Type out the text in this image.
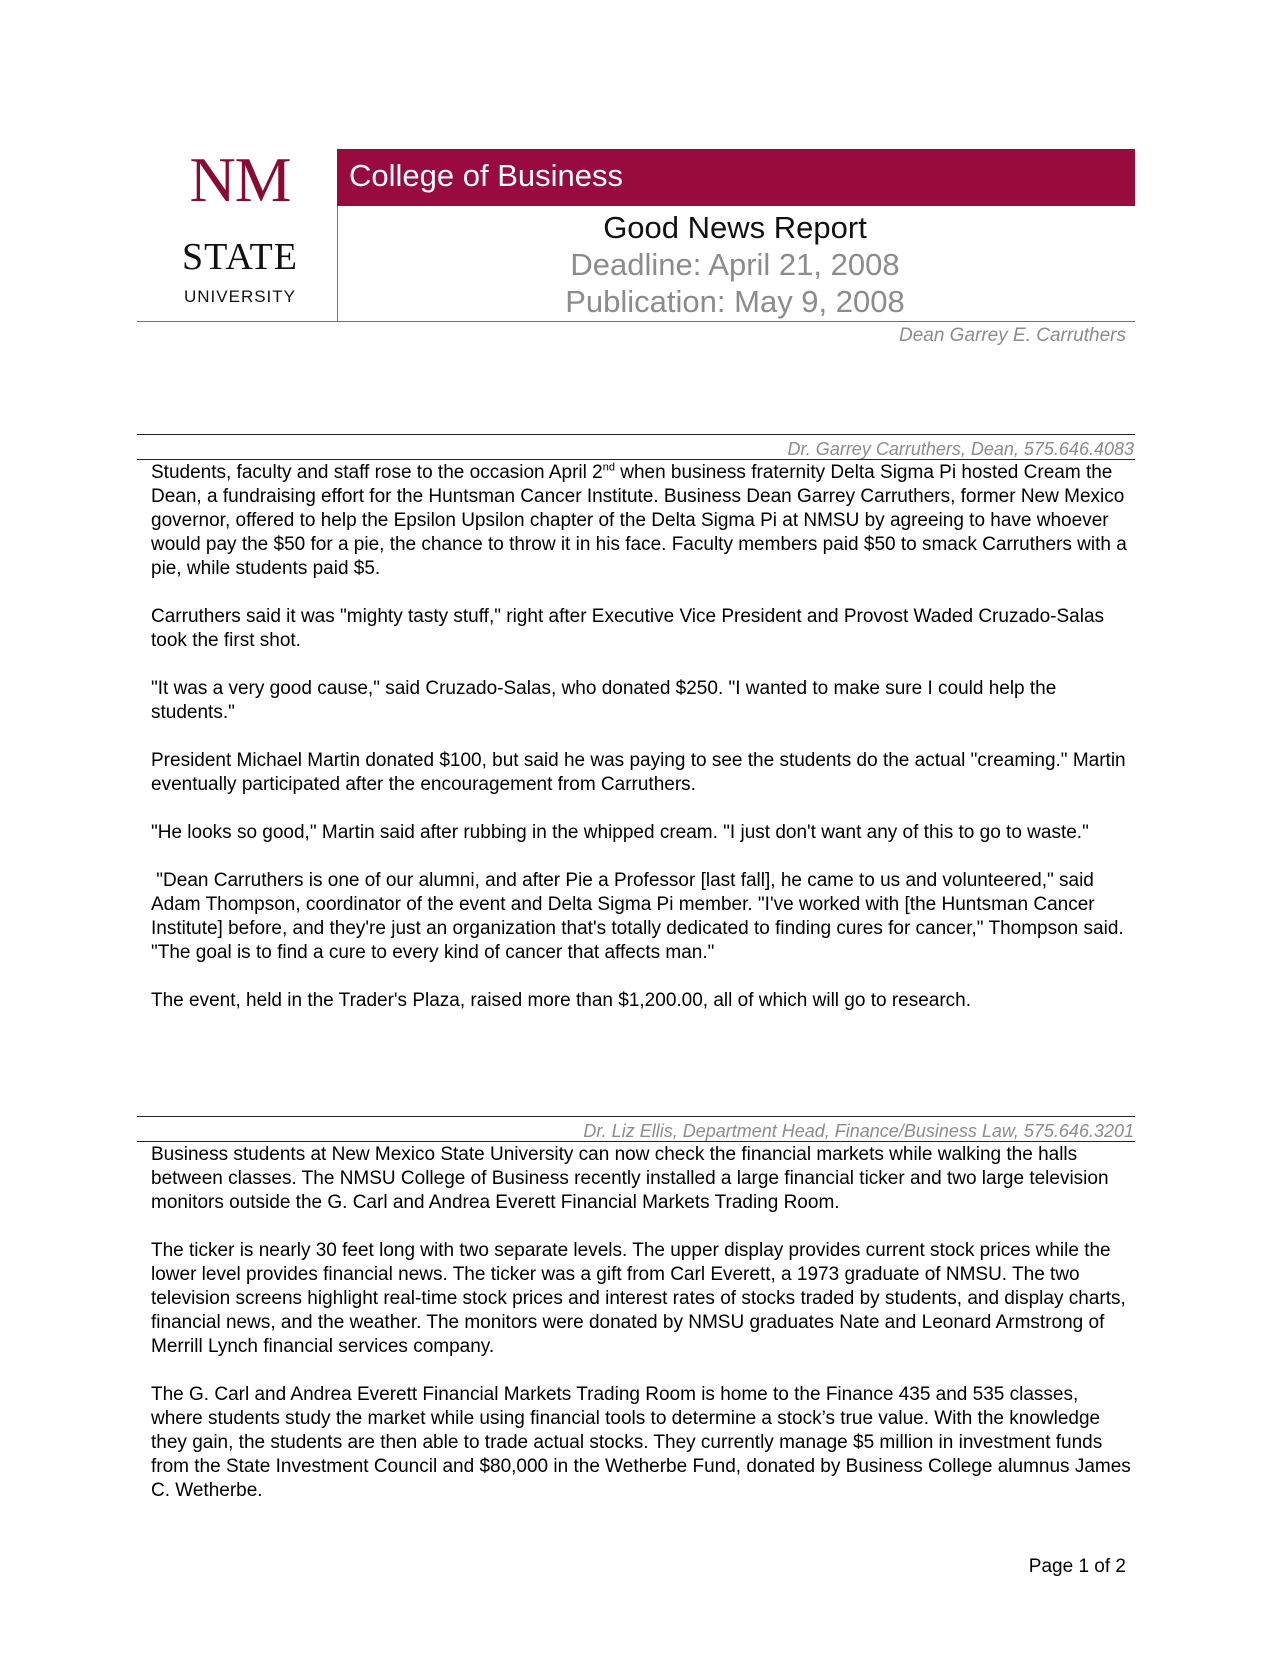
NM
STATE
UNIVERSITY
College of Business
Good News Report
Deadline: April 21, 2008
Publication: May 9, 2008
Dean Garrey E. Carruthers
Dr. Garrey Carruthers, Dean, 575.646.4083

Students, faculty and staff rose to the occasion April 2nd when business fraternity Delta Sigma Pi hosted Cream the Dean, a fundraising effort for the Huntsman Cancer Institute. Business Dean Garrey Carruthers, former New Mexico governor, offered to help the Epsilon Upsilon chapter of the Delta Sigma Pi at NMSU by agreeing to have whoever would pay the $50 for a pie, the chance to throw it in his face. Faculty members paid $50 to smack Carruthers with a pie, while students paid $5.

Carruthers said it was "mighty tasty stuff," right after Executive Vice President and Provost Waded Cruzado-Salas took the first shot.

"It was a very good cause," said Cruzado-Salas, who donated $250. "I wanted to make sure I could help the students."

President Michael Martin donated $100, but said he was paying to see the students do the actual "creaming." Martin eventually participated after the encouragement from Carruthers.

"He looks so good," Martin said after rubbing in the whipped cream. "I just don't want any of this to go to waste."

"Dean Carruthers is one of our alumni, and after Pie a Professor [last fall], he came to us and volunteered," said Adam Thompson, coordinator of the event and Delta Sigma Pi member. "I've worked with [the Huntsman Cancer Institute] before, and they're just an organization that's totally dedicated to finding cures for cancer," Thompson said. "The goal is to find a cure to every kind of cancer that affects man."

The event, held in the Trader's Plaza, raised more than $1,200.00, all of which will go to research.

Dr. Liz Ellis, Department Head, Finance/Business Law, 575.646.3201

Business students at New Mexico State University can now check the financial markets while walking the halls between classes. The NMSU College of Business recently installed a large financial ticker and two large television monitors outside the G. Carl and Andrea Everett Financial Markets Trading Room.

The ticker is nearly 30 feet long with two separate levels. The upper display provides current stock prices while the lower level provides financial news. The ticker was a gift from Carl Everett, a 1973 graduate of NMSU. The two television screens highlight real-time stock prices and interest rates of stocks traded by students, and display charts, financial news, and the weather. The monitors were donated by NMSU graduates Nate and Leonard Armstrong of Merrill Lynch financial services company.

The G. Carl and Andrea Everett Financial Markets Trading Room is home to the Finance 435 and 535 classes, where students study the market while using financial tools to determine a stock’s true value. With the knowledge they gain, the students are then able to trade actual stocks. They currently manage $5 million in investment funds from the State Investment Council and $80,000 in the Wetherbe Fund, donated by Business College alumnus James C. Wetherbe.

Page 1 of 2
